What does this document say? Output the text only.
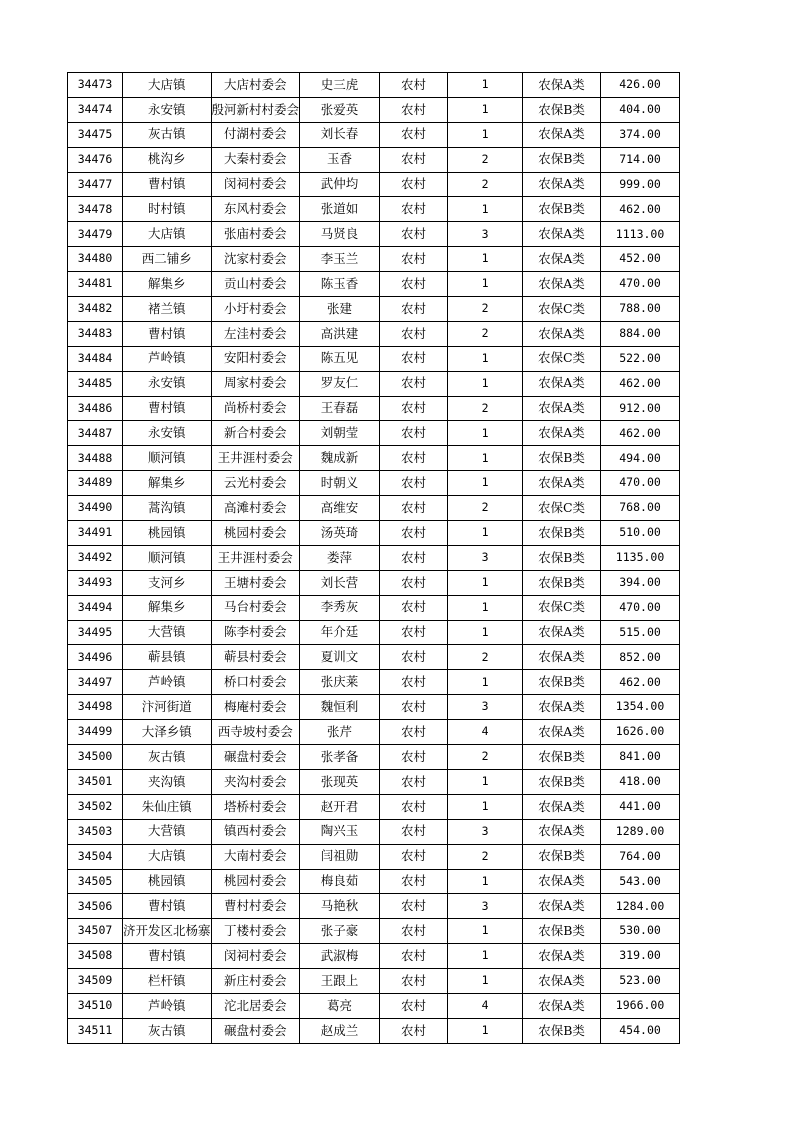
34473	大店镇	大店村委会	史三虎	农村	1	农保A类	426.00
34474	永安镇	殷河新村村委会	张爱英	农村	1	农保B类	404.00
34475	灰古镇	付湖村委会	刘长春	农村	1	农保A类	374.00
34476	桃沟乡	大秦村委会	玉香	农村	2	农保B类	714.00
34477	曹村镇	闵祠村委会	武仲均	农村	2	农保A类	999.00
34478	时村镇	东风村委会	张道如	农村	1	农保B类	462.00
34479	大店镇	张庙村委会	马贤良	农村	3	农保A类	1113.00
34480	西二铺乡	沈家村委会	李玉兰	农村	1	农保A类	452.00
34481	解集乡	贡山村委会	陈玉香	农村	1	农保A类	470.00
34482	褚兰镇	小圩村委会	张建	农村	2	农保C类	788.00
34483	曹村镇	左洼村委会	高洪建	农村	2	农保A类	884.00
34484	芦岭镇	安阳村委会	陈五见	农村	1	农保C类	522.00
34485	永安镇	周家村委会	罗友仁	农村	1	农保A类	462.00
34486	曹村镇	尚桥村委会	王春磊	农村	2	农保A类	912.00
34487	永安镇	新合村委会	刘朝莹	农村	1	农保A类	462.00
34488	顺河镇	王井涯村委会	魏成新	农村	1	农保B类	494.00
34489	解集乡	云光村委会	时朝义	农村	1	农保A类	470.00
34490	蒿沟镇	高滩村委会	高维安	农村	2	农保C类	768.00
34491	桃园镇	桃园村委会	汤英琦	农村	1	农保B类	510.00
34492	顺河镇	王井涯村委会	娄萍	农村	3	农保B类	1135.00
34493	支河乡	王塘村委会	刘长营	农村	1	农保B类	394.00
34494	解集乡	马台村委会	李秀灰	农村	1	农保C类	470.00
34495	大营镇	陈李村委会	年介廷	农村	1	农保A类	515.00
34496	蕲县镇	蕲县村委会	夏训文	农村	2	农保A类	852.00
34497	芦岭镇	桥口村委会	张庆莱	农村	1	农保B类	462.00
34498	汴河街道	梅庵村委会	魏恒利	农村	3	农保A类	1354.00
34499	大泽乡镇	西寺坡村委会	张芹	农村	4	农保A类	1626.00
34500	灰古镇	碾盘村委会	张孝备	农村	2	农保B类	841.00
34501	夹沟镇	夹沟村委会	张现英	农村	1	农保B类	418.00
34502	朱仙庄镇	塔桥村委会	赵开君	农村	1	农保A类	441.00
34503	大营镇	镇西村委会	陶兴玉	农村	3	农保A类	1289.00
34504	大店镇	大南村委会	闫祖勋	农村	2	农保B类	764.00
34505	桃园镇	桃园村委会	梅良茹	农村	1	农保A类	543.00
34506	曹村镇	曹村村委会	马艳秋	农村	3	农保A类	1284.00
34507	济开发区北杨寨	丁楼村委会	张子豪	农村	1	农保B类	530.00
34508	曹村镇	闵祠村委会	武淑梅	农村	1	农保A类	319.00
34509	栏杆镇	新庄村委会	王跟上	农村	1	农保A类	523.00
34510	芦岭镇	沱北居委会	葛亮	农村	4	农保A类	1966.00
34511	灰古镇	碾盘村委会	赵成兰	农村	1	农保B类	454.00
